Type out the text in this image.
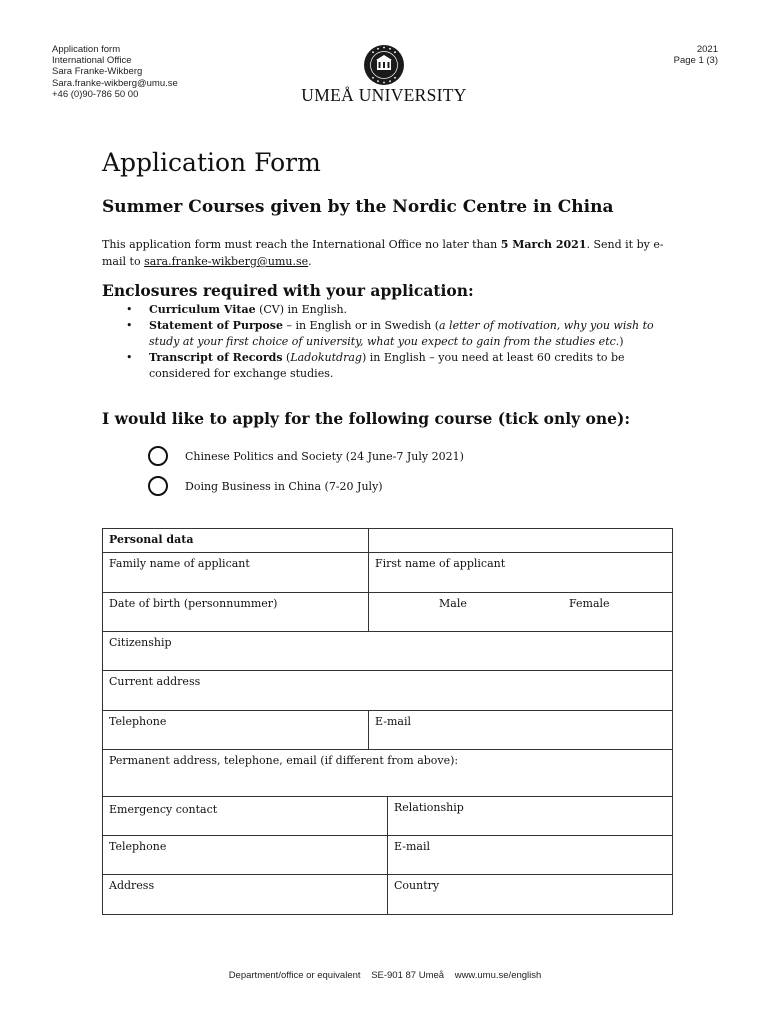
Application form
International Office
Sara Franke-Wikberg
Sara.franke-wikberg@umu.se
+46 (0)90-786 50 00
2021
Page 1 (3)
UMEÅ UNIVERSITY
Application Form
Summer Courses given by the Nordic Centre in China
This application form must reach the International Office no later than 5 March 2021. Send it by e-mail to sara.franke-wikberg@umu.se.
Enclosures required with your application:
• Curriculum Vitae (CV) in English.
• Statement of Purpose – in English or in Swedish (a letter of motivation, why you wish to study at your first choice of university, what you expect to gain from the studies etc.)
• Transcript of Records (Ladokutdrag) in English – you need at least 60 credits to be considered for exchange studies.
I would like to apply for the following course (tick only one):
Chinese Politics and Society (24 June-7 July 2021)
Doing Business in China (7-20 July)
Personal data		
Family name of applicant	First name of applicant	
Date of birth (personnummer)	Male Female	

Citizenship		
Current address		
Telephone	E-mail	
Permanent address, telephone, email (if different from above):		
Emergency contact		Relationship
Telephone		E-mail
Address		Country
Department/office or equivalent SE-901 87 Umeå www.umu.se/english
